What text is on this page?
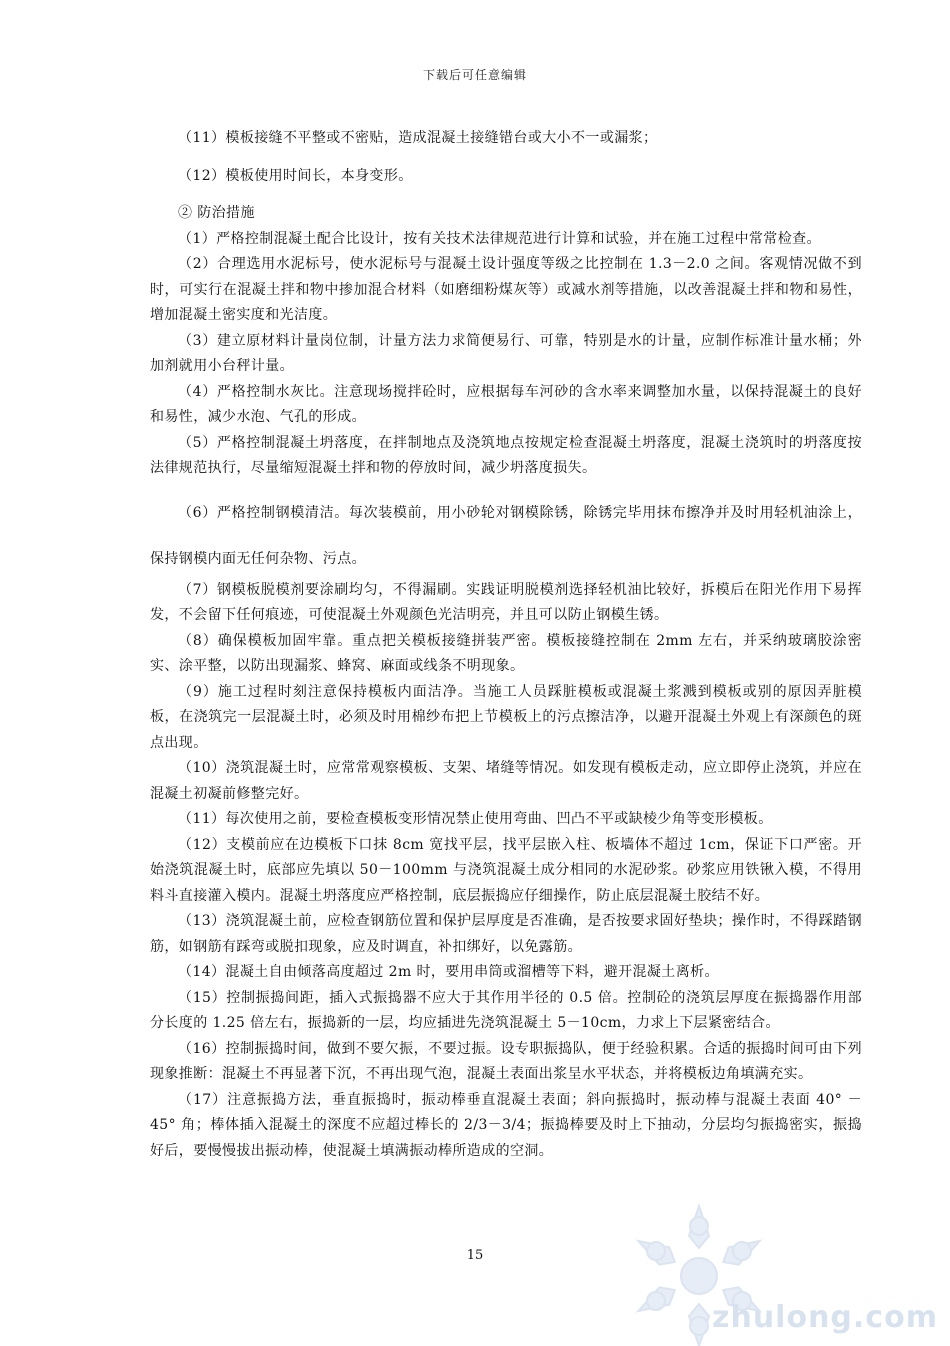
下载后可任意编辑

（11）模板接缝不平整或不密贴，造成混凝土接缝错台或大小不一或漏浆；

（12）模板使用时间长，本身变形。

② 防治措施

（1）严格控制混凝土配合比设计，按有关技术法律规范进行计算和试验，并在施工过程中常常检查。

（2）合理选用水泥标号，使水泥标号与混凝土设计强度等级之比控制在 1.3－2.0 之间。客观情况做不到时，可实行在混凝土拌和物中掺加混合材料（如磨细粉煤灰等）或减水剂等措施，以改善混凝土拌和物和易性，增加混凝土密实度和光洁度。

（3）建立原材料计量岗位制，计量方法力求简便易行、可靠，特别是水的计量，应制作标准计量水桶；外加剂就用小台秤计量。

（4）严格控制水灰比。注意现场搅拌砼时，应根据每车河砂的含水率来调整加水量，以保持混凝土的良好和易性，减少水泡、气孔的形成。

（5）严格控制混凝土坍落度，在拌制地点及浇筑地点按规定检查混凝土坍落度，混凝土浇筑时的坍落度按法律规范执行，尽量缩短混凝土拌和物的停放时间，减少坍落度损失。

（6）严格控制钢模清洁。每次装模前，用小砂轮对钢模除锈，除锈完毕用抹布擦净并及时用轻机油涂上，保持钢模内面无任何杂物、污点。

（7）钢模板脱模剂要涂刷均匀，不得漏刷。实践证明脱模剂选择轻机油比较好，拆模后在阳光作用下易挥发，不会留下任何痕迹，可使混凝土外观颜色光洁明亮，并且可以防止钢模生锈。

（8）确保模板加固牢靠。重点把关模板接缝拼装严密。模板接缝控制在 2mm 左右，并采纳玻璃胶涂密实、涂平整，以防出现漏浆、蜂窝、麻面或线条不明现象。

（9）施工过程时刻注意保持模板内面洁净。当施工人员踩脏模板或混凝土浆溅到模板或别的原因弄脏模板，在浇筑完一层混凝土时，必须及时用棉纱布把上节模板上的污点擦洁净，以避开混凝土外观上有深颜色的斑点出现。

（10）浇筑混凝土时，应常常观察模板、支架、堵缝等情况。如发现有模板走动，应立即停止浇筑，并应在混凝土初凝前修整完好。

（11）每次使用之前，要检查模板变形情况禁止使用弯曲、凹凸不平或缺棱少角等变形模板。

（12）支模前应在边模板下口抹 8cm 宽找平层，找平层嵌入柱、板墙体不超过 1cm，保证下口严密。开始浇筑混凝土时，底部应先填以 50－100mm 与浇筑混凝土成分相同的水泥砂浆。砂浆应用铁锹入模，不得用料斗直接灌入模内。混凝土坍落度应严格控制，底层振捣应仔细操作，防止底层混凝土胶结不好。

（13）浇筑混凝土前，应检查钢筋位置和保护层厚度是否准确，是否按要求固好垫块；操作时，不得踩踏钢筋，如钢筋有踩弯或脱扣现象，应及时调直，补扣绑好，以免露筋。

（14）混凝土自由倾落高度超过 2m 时，要用串筒或溜槽等下料，避开混凝土离析。

（15）控制振捣间距，插入式振捣器不应大于其作用半径的 0.5 倍。控制砼的浇筑层厚度在振捣器作用部分长度的 1.25 倍左右，振捣新的一层，均应插进先浇筑混凝土 5－10cm，力求上下层紧密结合。

（16）控制振捣时间，做到不要欠振，不要过振。设专职振捣队，便于经验积累。合适的振捣时间可由下列现象推断：混凝土不再显著下沉，不再出现气泡，混凝土表面出浆呈水平状态，并将模板边角填满充实。

（17）注意振捣方法，垂直振捣时，振动棒垂直混凝土表面；斜向振捣时，振动棒与混凝土表面 40° －45° 角；棒体插入混凝土的深度不应超过棒长的 2/3－3/4；振捣棒要及时上下抽动，分层均匀振捣密实，振捣好后，要慢慢拔出振动棒，使混凝土填满振动棒所造成的空洞。

15
zhulong.com
